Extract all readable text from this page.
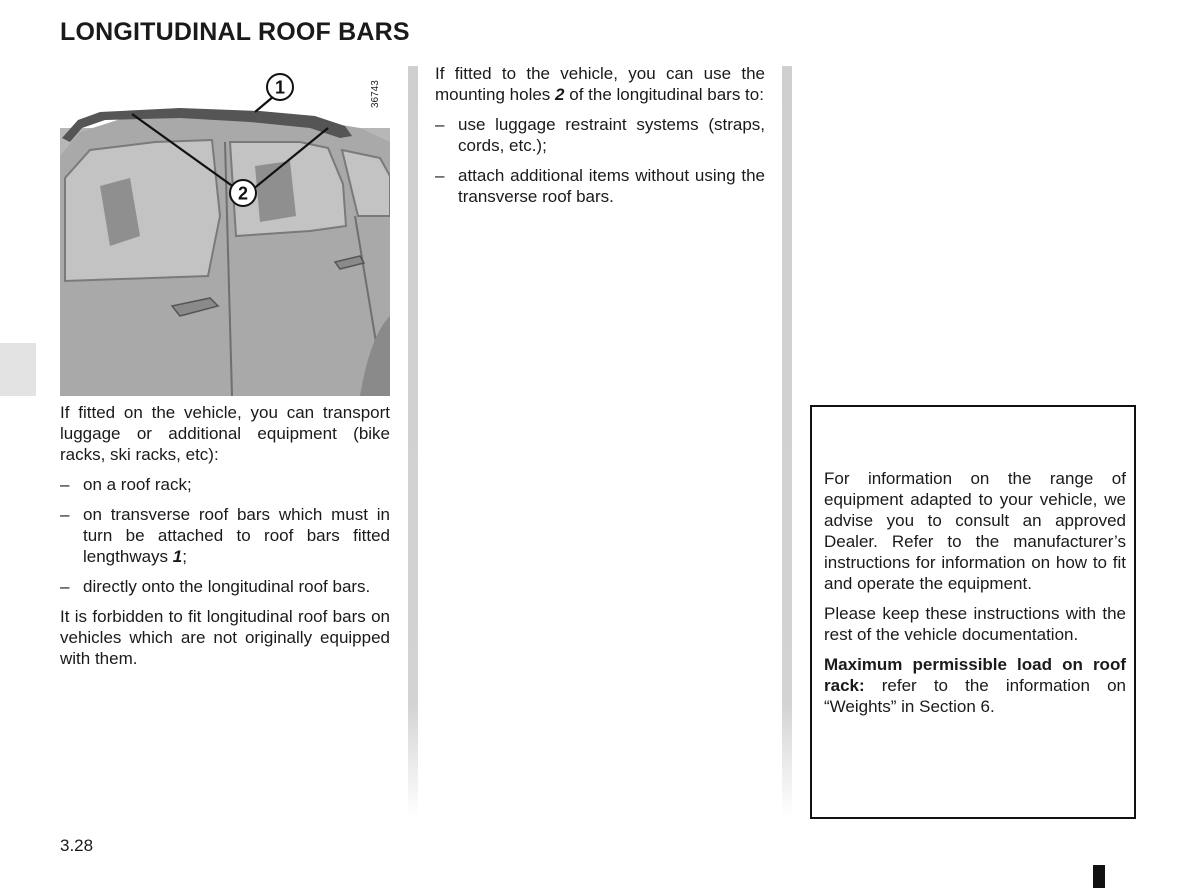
LONGITUDINAL ROOF BARS
1
2
36743

If fitted on the vehicle, you can transport luggage or additional equipment (bike racks, ski racks, etc):

– on a roof rack;
– on transverse roof bars which must in turn be attached to roof bars fitted lengthways 1;
– directly onto the longitudinal roof bars.

It is forbidden to fit longitudinal roof bars on vehicles which are not originally equipped with them.

If fitted to the vehicle, you can use the mounting holes 2 of the longitudinal bars to:

– use luggage restraint systems (straps, cords, etc.);
– attach additional items without using the transverse roof bars.

For information on the range of equipment adapted to your vehicle, we advise you to consult an approved Dealer. Refer to the manufacturer’s instructions for information on how to fit and operate the equipment.

Please keep these instructions with the rest of the vehicle documentation.

Maximum permissible load on roof rack: refer to the information on “Weights” in Section 6.

3.28
